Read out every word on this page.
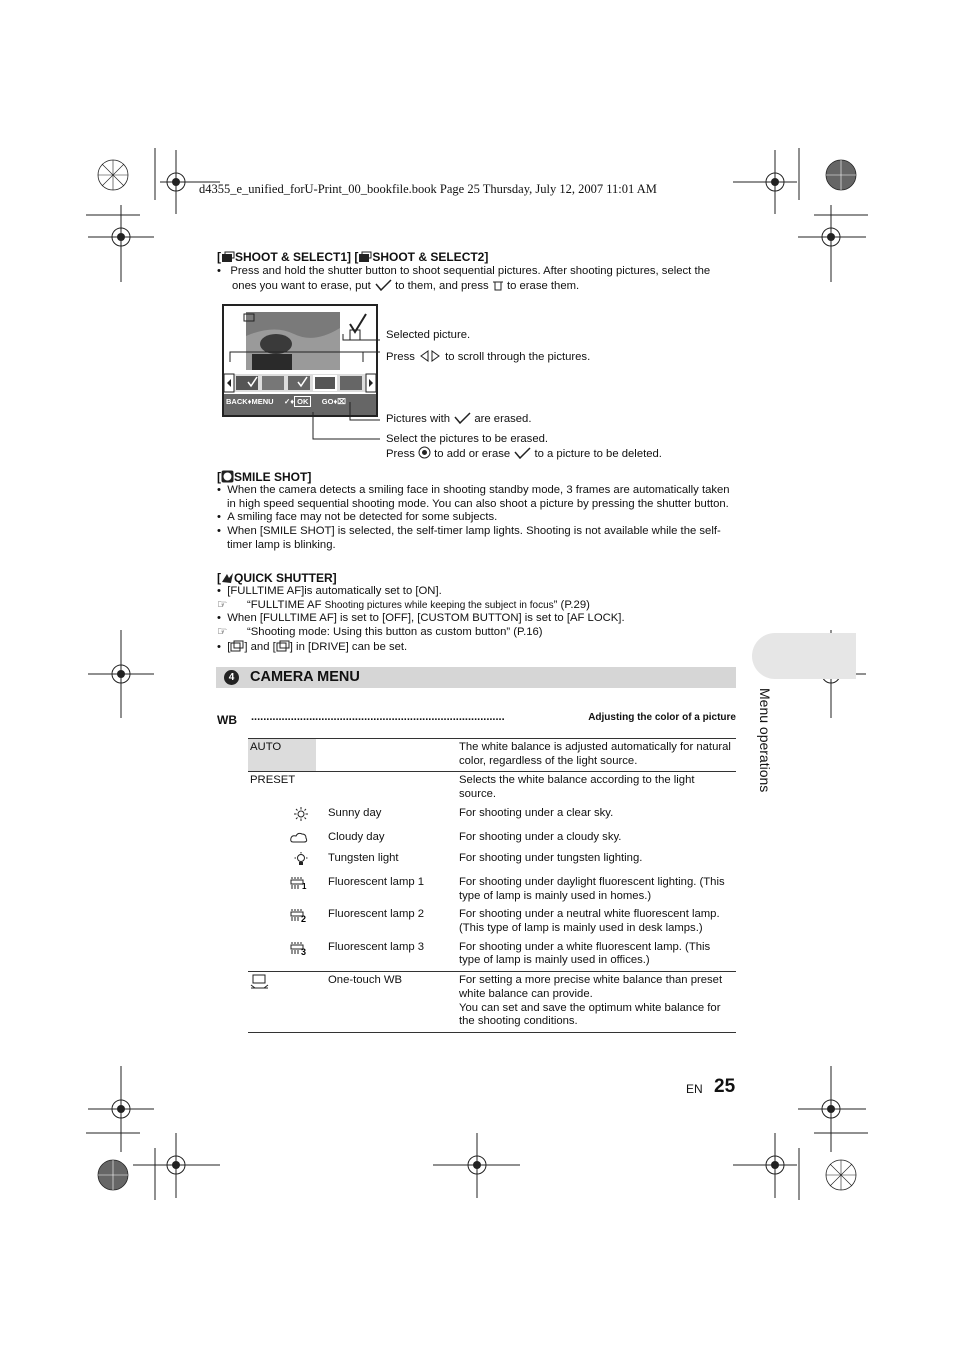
d4355_e_unified_forU-Print_00_bookfile.book Page 25 Thursday, July 12, 2007 11:01 AM
[ SHOOT & SELECT1] [ SHOOT & SELECT2]
•   Press and hold the shutter button to shoot sequential pictures. After shooting pictures, select the
ones you want to erase, put to them, and press to erase them.
BACK♦MENU     ✓♦ OK GO♦⌧
Selected picture.
Press	to scroll through the pictures.
Pictures with are erased.
Select the pictures to be erased.
Press to add or erase to a picture to be deleted.
[ SMILE SHOT]
•  When the camera detects a smiling face in shooting standby mode, 3 frames are automatically taken in high speed sequential shooting mode. You can also shoot a picture by pressing the shutter button.
•  A smiling face may not be detected for some subjects.
•  When [SMILE SHOT] is selected, the self-timer lamp lights. Shooting is not available while the self-timer lamp is blinking.
[ QUICK SHUTTER]
•  [FULLTIME AF]is automatically set to [ON].
☞ “FULLTIME AF Shooting pictures while keeping the subject in focus” (P.29)
•  When [FULLTIME AF] is set to [OFF], [CUSTOM BUTTON] is set to [AF LOCK].
☞ “Shooting mode: Using this button as custom button” (P.16)
•  [ ] and [ ] in [DRIVE] can be set.
4	CAMERA MENU
WB ...................................................................................	Adjusting the color of a picture
AUTO		The white balance is adjusted automatically for natural color, regardless of the light source.
PRESET		Selects the white balance according to the light source.
	Sunny day	For shooting under a clear sky.
	Cloudy day	For shooting under a cloudy sky.
	Tungsten light	For shooting under tungsten lighting.

1	Fluorescent lamp 1	For shooting under daylight fluorescent lighting. (This type of lamp is mainly used in homes.)

2	Fluorescent lamp 2	For shooting under a neutral white fluorescent lamp. (This type of lamp is mainly used in desk lamps.)

3	Fluorescent lamp 3	For shooting under a white fluorescent lamp. (This type of lamp is mainly used in offices.)
	One-touch WB	For setting a more precise white balance than preset white balance can provide.
You can set and save the optimum white balance for the shooting conditions.
Menu operations
EN 25
